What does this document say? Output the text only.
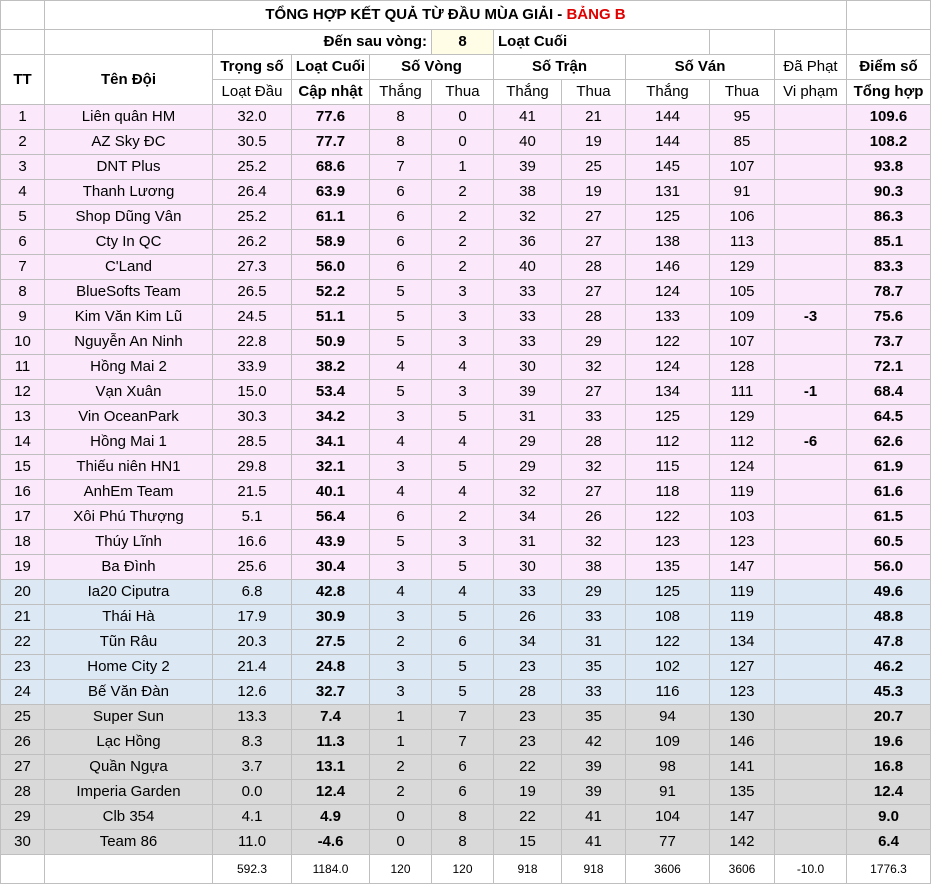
	TỔNG HỢP KẾT QUẢ TỪ ĐẦU MÙA GIẢI - BẢNG B										
		Đến sau vòng:			8	Loạt Cuối					
TT	Tên Đội	Trọng số	Loạt Cuối	Số Vòng		Số Trận		Số Ván		Đã Phạt	Điểm số
		Loạt Đầu	Cập nhật	Thắng	Thua	Thắng	Thua	Thắng	Thua	Vi phạm	Tổng hợp
1	Liên quân HM	32.0	77.6	8	0	41	21	144	95		109.6
2	AZ Sky ĐC	30.5	77.7	8	0	40	19	144	85		108.2
3	DNT Plus	25.2	68.6	7	1	39	25	145	107		93.8
4	Thanh Lương	26.4	63.9	6	2	38	19	131	91		90.3
5	Shop Dũng Vân	25.2	61.1	6	2	32	27	125	106		86.3
6	Cty In QC	26.2	58.9	6	2	36	27	138	113		85.1
7	C'Land	27.3	56.0	6	2	40	28	146	129		83.3
8	BlueSofts Team	26.5	52.2	5	3	33	27	124	105		78.7
9	Kim Văn Kim Lũ	24.5	51.1	5	3	33	28	133	109	-3	75.6
10	Nguyễn An Ninh	22.8	50.9	5	3	33	29	122	107		73.7
11	Hồng Mai 2	33.9	38.2	4	4	30	32	124	128		72.1
12	Vạn Xuân	15.0	53.4	5	3	39	27	134	111	-1	68.4
13	Vin OceanPark	30.3	34.2	3	5	31	33	125	129		64.5
14	Hồng Mai 1	28.5	34.1	4	4	29	28	112	112	-6	62.6
15	Thiếu niên HN1	29.8	32.1	3	5	29	32	115	124		61.9
16	AnhEm Team	21.5	40.1	4	4	32	27	118	119		61.6
17	Xôi Phú Thượng	5.1	56.4	6	2	34	26	122	103		61.5
18	Thúy Lĩnh	16.6	43.9	5	3	31	32	123	123		60.5
19	Ba Đình	25.6	30.4	3	5	30	38	135	147		56.0
20	Ia20 Ciputra	6.8	42.8	4	4	33	29	125	119		49.6
21	Thái Hà	17.9	30.9	3	5	26	33	108	119		48.8
22	Tũn Râu	20.3	27.5	2	6	34	31	122	134		47.8
23	Home City 2	21.4	24.8	3	5	23	35	102	127		46.2
24	Bế Văn Đàn	12.6	32.7	3	5	28	33	116	123		45.3
25	Super Sun	13.3	7.4	1	7	23	35	94	130		20.7
26	Lạc Hồng	8.3	11.3	1	7	23	42	109	146		19.6
27	Quần Ngựa	3.7	13.1	2	6	22	39	98	141		16.8
28	Imperia Garden	0.0	12.4	2	6	19	39	91	135		12.4
29	Clb 354	4.1	4.9	0	8	22	41	104	147		9.0
30	Team 86	11.0	-4.6	0	8	15	41	77	142		6.4
		592.3	1184.0	120	120	918	918	3606	3606	-10.0	1776.3
